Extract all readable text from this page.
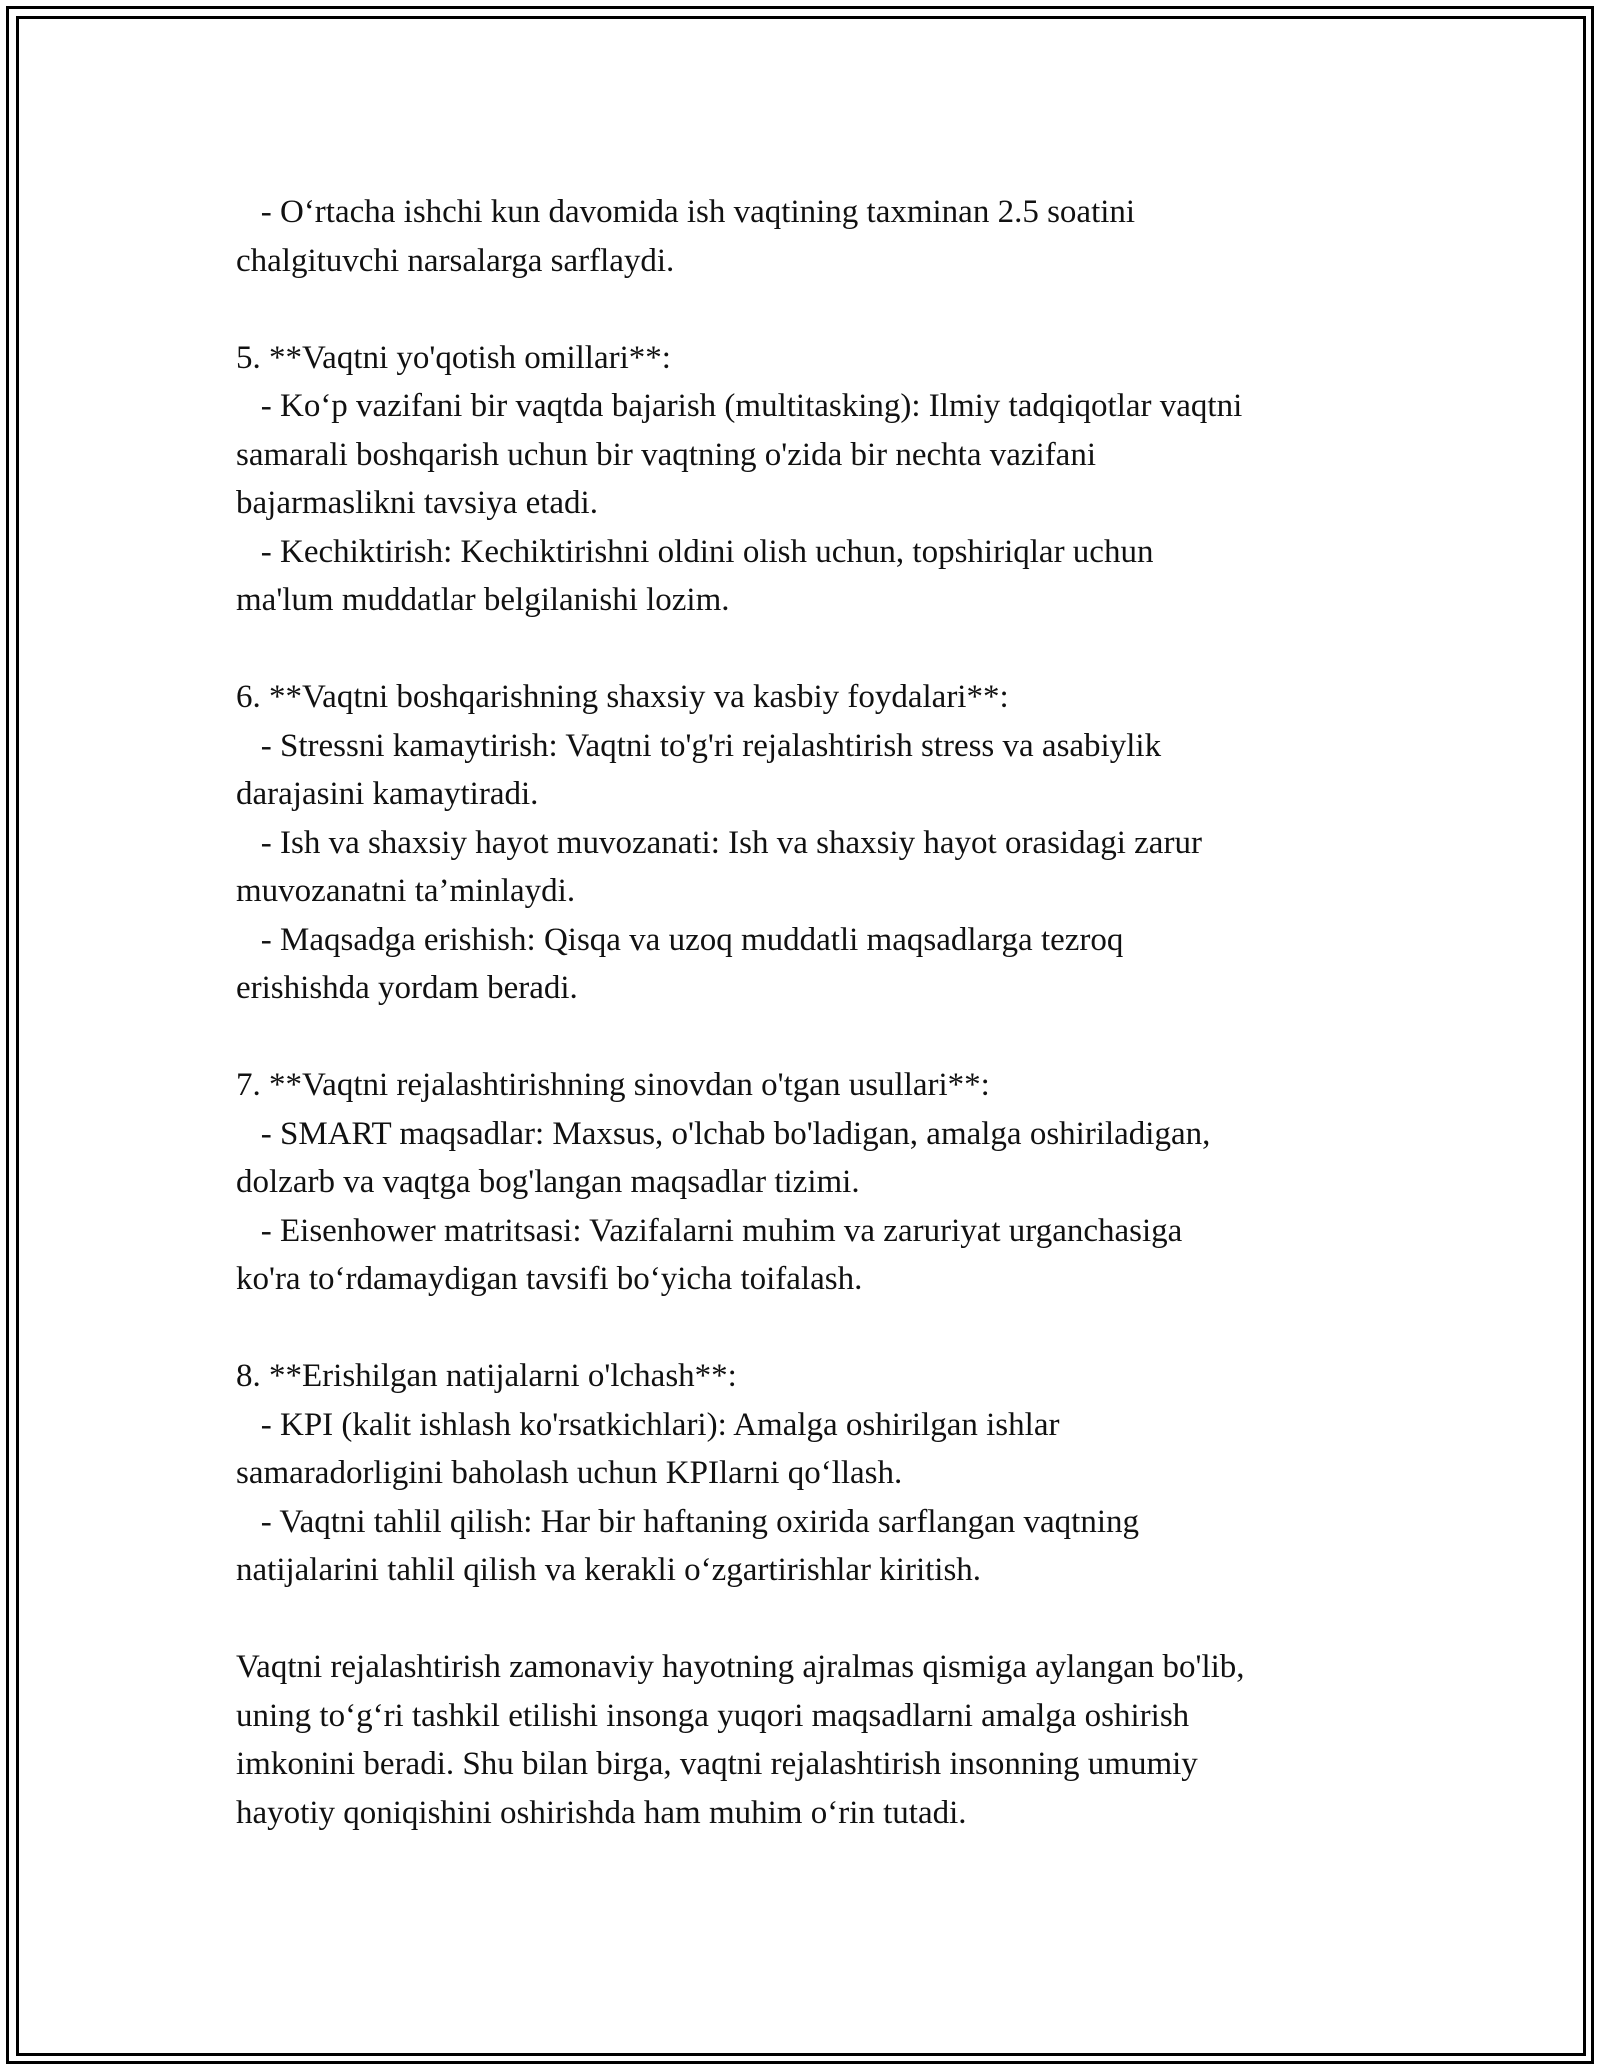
- O‘rtacha ishchi kun davomida ish vaqtining taxminan 2.5 soatini
chalgituvchi narsalarga sarflaydi.
5. **Vaqtni yo'qotish omillari**:
- Ko‘p vazifani bir vaqtda bajarish (multitasking): Ilmiy tadqiqotlar vaqtni
samarali boshqarish uchun bir vaqtning o'zida bir nechta vazifani
bajarmaslikni tavsiya etadi.
- Kechiktirish: Kechiktirishni oldini olish uchun, topshiriqlar uchun
ma'lum muddatlar belgilanishi lozim.
6. **Vaqtni boshqarishning shaxsiy va kasbiy foydalari**:
- Stressni kamaytirish: Vaqtni to'g'ri rejalashtirish stress va asabiylik
darajasini kamaytiradi.
- Ish va shaxsiy hayot muvozanati: Ish va shaxsiy hayot orasidagi zarur
muvozanatni ta’minlaydi.
- Maqsadga erishish: Qisqa va uzoq muddatli maqsadlarga tezroq
erishishda yordam beradi.
7. **Vaqtni rejalashtirishning sinovdan o'tgan usullari**:
- SMART maqsadlar: Maxsus, o'lchab bo'ladigan, amalga oshiriladigan,
dolzarb va vaqtga bog'langan maqsadlar tizimi.
- Eisenhower matritsasi: Vazifalarni muhim va zaruriyat urganchasiga
ko'ra to‘rdamaydigan tavsifi bo‘yicha toifalash.
8. **Erishilgan natijalarni o'lchash**:
- KPI (kalit ishlash ko'rsatkichlari): Amalga oshirilgan ishlar
samaradorligini baholash uchun KPIlarni qo‘llash.
- Vaqtni tahlil qilish: Har bir haftaning oxirida sarflangan vaqtning
natijalarini tahlil qilish va kerakli o‘zgartirishlar kiritish.
Vaqtni rejalashtirish zamonaviy hayotning ajralmas qismiga aylangan bo'lib,
uning to‘g‘ri tashkil etilishi insonga yuqori maqsadlarni amalga oshirish
imkonini beradi. Shu bilan birga, vaqtni rejalashtirish insonning umumiy
hayotiy qoniqishini oshirishda ham muhim o‘rin tutadi.
